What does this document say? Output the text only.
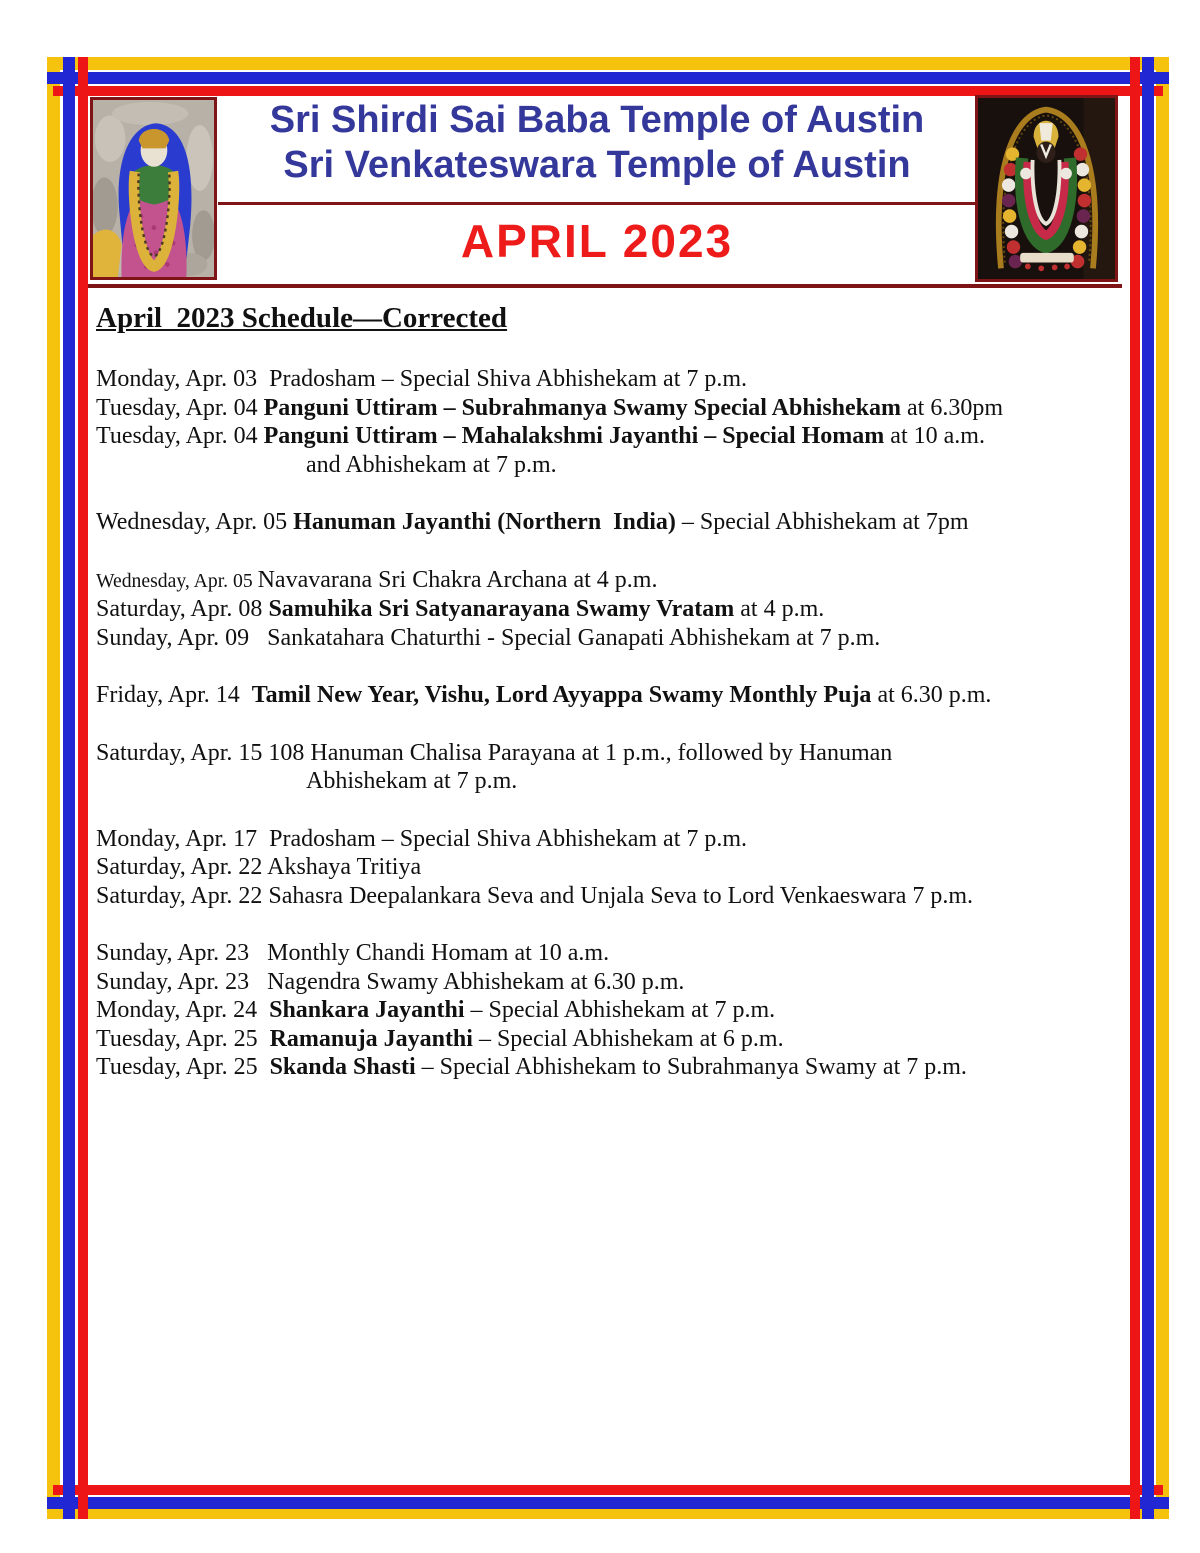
Sri Shirdi Sai Baba Temple of Austin
Sri Venkateswara Temple of Austin
APRIL 2023
April  2023 Schedule—Corrected
Monday, Apr. 03  Pradosham – Special Shiva Abhishekam at 7 p.m.
Tuesday, Apr. 04 Panguni Uttiram – Subrahmanya Swamy Special Abhishekam at 6.30pm
Tuesday, Apr. 04 Panguni Uttiram – Mahalakshmi Jayanthi – Special Homam at 10 a.m.
and Abhishekam at 7 p.m.
Wednesday, Apr. 05 Hanuman Jayanthi (Northern  India) – Special Abhishekam at 7pm
Wednesday, Apr. 05 Navavarana Sri Chakra Archana at 4 p.m.
Saturday, Apr. 08 Samuhika Sri Satyanarayana Swamy Vratam at 4 p.m.
Sunday, Apr. 09   Sankatahara Chaturthi - Special Ganapati Abhishekam at 7 p.m.
Friday, Apr. 14  Tamil New Year, Vishu, Lord Ayyappa Swamy Monthly Puja at 6.30 p.m.
Saturday, Apr. 15 108 Hanuman Chalisa Parayana at 1 p.m., followed by Hanuman
Abhishekam at 7 p.m.
Monday, Apr. 17  Pradosham – Special Shiva Abhishekam at 7 p.m.
Saturday, Apr. 22 Akshaya Tritiya
Saturday, Apr. 22 Sahasra Deepalankara Seva and Unjala Seva to Lord Venkaeswara 7 p.m.
Sunday, Apr. 23   Monthly Chandi Homam at 10 a.m.
Sunday, Apr. 23   Nagendra Swamy Abhishekam at 6.30 p.m.
Monday, Apr. 24  Shankara Jayanthi – Special Abhishekam at 7 p.m.
Tuesday, Apr. 25  Ramanuja Jayanthi – Special Abhishekam at 6 p.m.
Tuesday, Apr. 25  Skanda Shasti – Special Abhishekam to Subrahmanya Swamy at 7 p.m.
